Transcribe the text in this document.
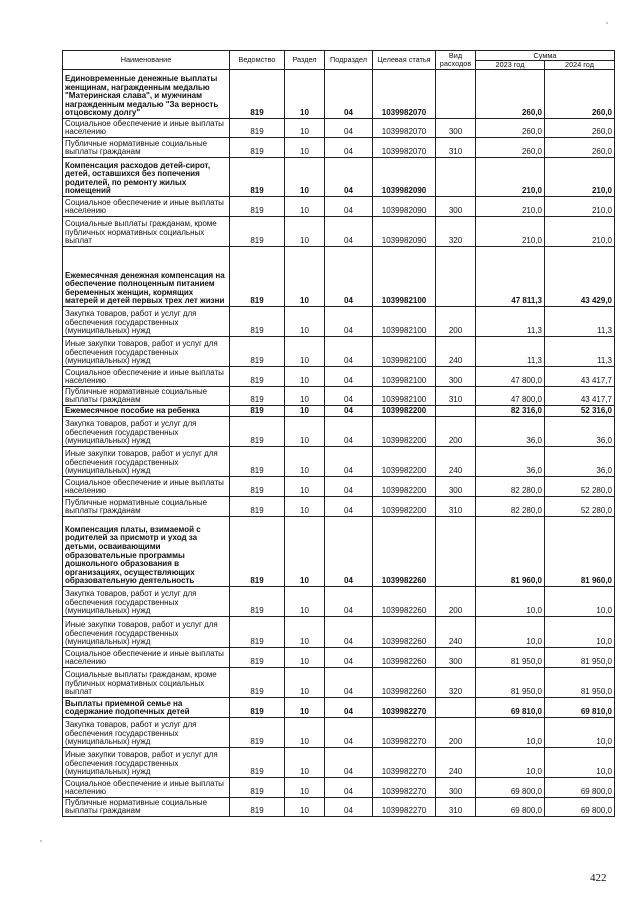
Наименование	Ведомство	Раздел	Подраздел	Целевая статья	Вид расходов	Сумма	
						2023 год	2024 год
Единовременные денежные выплаты женщинам, награжденным медалью "Материнская слава", и мужчинам награжденным медалью "За верность отцовскому долгу"	819	10	04	1039982070		260,0	260,0
Социальное обеспечение и иные выплаты населению	819	10	04	1039982070	300	260,0	260,0
Публичные нормативные социальные выплаты гражданам	819	10	04	1039982070	310	260,0	260,0
Компенсация расходов детей-сирот, детей, оставшихся без попечения родителей, по ремонту жилых помещений	819	10	04	1039982090		210,0	210,0
Социальное обеспечение и иные выплаты населению	819	10	04	1039982090	300	210,0	210,0
Социальные выплаты гражданам, кроме публичных нормативных социальных выплат	819	10	04	1039982090	320	210,0	210,0
Ежемесячная денежная компенсация на обеспечение полноценным питанием беременных женщин, кормящих матерей и детей первых трех лет жизни	819	10	04	1039982100		47 811,3	43 429,0
Закупка товаров, работ и услуг для обеспечения государственных (муниципальных) нужд	819	10	04	1039982100	200	11,3	11,3
Иные закупки товаров, работ и услуг для обеспечения государственных (муниципальных) нужд	819	10	04	1039982100	240	11,3	11,3
Социальное обеспечение и иные выплаты населению	819	10	04	1039982100	300	47 800,0	43 417,7
Публичные нормативные социальные выплаты гражданам	819	10	04	1039982100	310	47 800,0	43 417,7
Ежемесячное пособие на ребенка	819	10	04	1039982200		82 316,0	52 316,0
Закупка товаров, работ и услуг для обеспечения государственных (муниципальных) нужд	819	10	04	1039982200	200	36,0	36,0
Иные закупки товаров, работ и услуг для обеспечения государственных (муниципальных) нужд	819	10	04	1039982200	240	36,0	36,0
Социальное обеспечение и иные выплаты населению	819	10	04	1039982200	300	82 280,0	52 280,0
Публичные нормативные социальные выплаты гражданам	819	10	04	1039982200	310	82 280,0	52 280,0
Компенсация платы, взимаемой с родителей за присмотр и уход за детьми, осваивающими образовательные программы дошкольного образования в организациях, осуществляющих образовательную деятельность	819	10	04	1039982260		81 960,0	81 960,0
Закупка товаров, работ и услуг для обеспечения государственных (муниципальных) нужд	819	10	04	1039982260	200	10,0	10,0
Иные закупки товаров, работ и услуг для обеспечения государственных (муниципальных) нужд	819	10	04	1039982260	240	10,0	10,0
Социальное обеспечение и иные выплаты населению	819	10	04	1039982260	300	81 950,0	81 950,0
Социальные выплаты гражданам, кроме публичных нормативных социальных выплат	819	10	04	1039982260	320	81 950,0	81 950,0
Выплаты приемной семье на содержание подопечных детей	819	10	04	1039982270		69 810,0	69 810,0
Закупка товаров, работ и услуг для обеспечения государственных (муниципальных) нужд	819	10	04	1039982270	200	10,0	10,0
Иные закупки товаров, работ и услуг для обеспечения государственных (муниципальных) нужд	819	10	04	1039982270	240	10,0	10,0
Социальное обеспечение и иные выплаты населению	819	10	04	1039982270	300	69 800,0	69 800,0
Публичные нормативные социальные выплаты гражданам	819	10	04	1039982270	310	69 800,0	69 800,0
422
